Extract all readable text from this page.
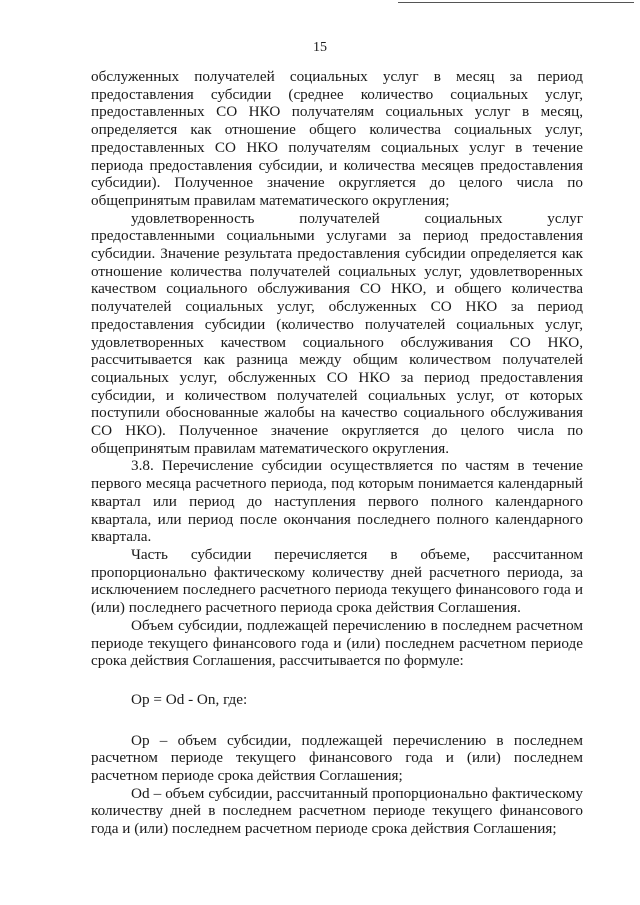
15

обслуженных получателей социальных услуг в месяц за период предоставления субсидии (среднее количество социальных услуг, предоставленных СО НКО получателям социальных услуг в месяц, определяется как отношение общего количества социальных услуг, предоставленных СО НКО получателям социальных услуг в течение периода предоставления субсидии, и количества месяцев предоставления субсидии). Полученное значение округляется до целого числа по общепринятым правилам математического округления;

удовлетворенность получателей социальных услуг предоставленными социальными услугами за период предоставления субсидии. Значение результата предоставления субсидии определяется как отношение количества получателей социальных услуг, удовлетворенных качеством социального обслуживания СО НКО, и общего количества получателей социальных услуг, обслуженных СО НКО за период предоставления субсидии (количество получателей социальных услуг, удовлетворенных качеством социального обслуживания СО НКО, рассчитывается как разница между общим количеством получателей социальных услуг, обслуженных СО НКО за период предоставления субсидии, и количеством получателей социальных услуг, от которых поступили обоснованные жалобы на качество социального обслуживания СО НКО). Полученное значение округляется до целого числа по общепринятым правилам математического округления.

3.8. Перечисление субсидии осуществляется по частям в течение первого месяца расчетного периода, под которым понимается календарный квартал или период до наступления первого полного календарного квартала, или период после окончания последнего полного календарного квартала.

Часть субсидии перечисляется в объеме, рассчитанном пропорционально фактическому количеству дней расчетного периода, за исключением последнего расчетного периода текущего финансового года и (или) последнего расчетного периода срока действия Соглашения.

Объем субсидии, подлежащей перечислению в последнем расчетном периоде текущего финансового года и (или) последнем расчетном периоде срока действия Соглашения, рассчитывается по формуле:

Op = Od - On, где:

Op – объем субсидии, подлежащей перечислению в последнем расчетном периоде текущего финансового года и (или) последнем расчетном периоде срока действия Соглашения;

Od – объем субсидии, рассчитанный пропорционально фактическому количеству дней в последнем расчетном периоде текущего финансового года и (или) последнем расчетном периоде срока действия Соглашения;
